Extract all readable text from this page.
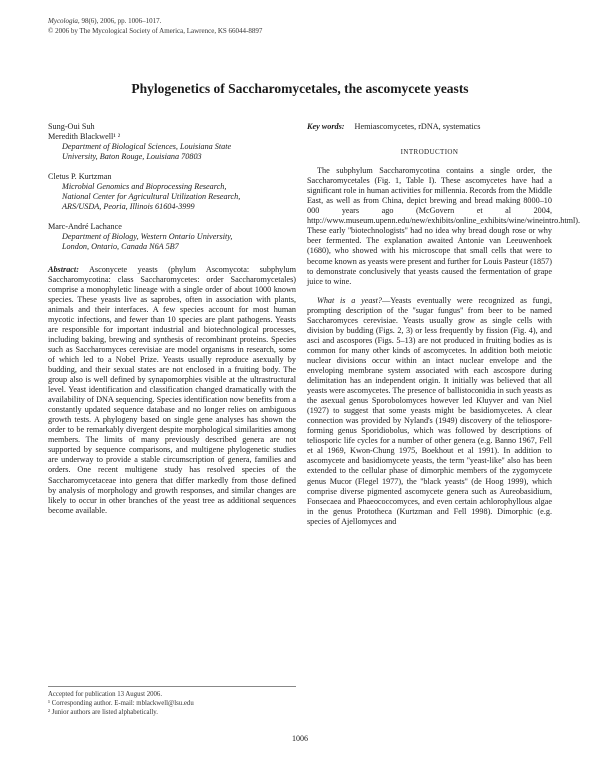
Mycologia, 98(6), 2006, pp. 1006–1017.
© 2006 by The Mycological Society of America, Lawrence, KS 66044-8897
Phylogenetics of Saccharomycetales, the ascomycete yeasts

Sung-Oui Suh

Meredith Blackwell¹ ²

Department of Biological Sciences, Louisiana State

University, Baton Rouge, Louisiana 70803

Cletus P. Kurtzman

Microbial Genomics and Bioprocessing Research,

National Center for Agricultural Utilization Research,

ARS/USDA, Peoria, Illinois 61604-3999

Marc-André Lachance

Department of Biology, Western Ontario University,

London, Ontario, Canada N6A 5B7

Abstract: Asconycete yeasts (phylum Ascomycota: subphylum Saccharomycotina: class Saccharomycetes: order Saccharomycetales) comprise a monophyletic lineage with a single order of about 1000 known species. These yeasts live as saprobes, often in association with plants, animals and their interfaces. A few species account for most human mycotic infections, and fewer than 10 species are plant pathogens. Yeasts are responsible for important industrial and biotechnological processes, including baking, brewing and synthesis of recombinant proteins. Species such as Saccharomyces cerevisiae are model organisms in research, some of which led to a Nobel Prize. Yeasts usually reproduce asexually by budding, and their sexual states are not enclosed in a fruiting body. The group also is well defined by synapomorphies visible at the ultrastructural level. Yeast identification and classification changed dramatically with the availability of DNA sequencing. Species identification now benefits from a constantly updated sequence database and no longer relies on ambiguous growth tests. A phylogeny based on single gene analyses has shown the order to be remarkably divergent despite morphological similarities among members. The limits of many previously described genera are not supported by sequence comparisons, and multigene phylogenetic studies are underway to provide a stable circumscription of genera, families and orders. One recent multigene study has resolved species of the Saccharomycetaceae into genera that differ markedly from those defined by analysis of morphology and growth responses, and similar changes are likely to occur in other branches of the yeast tree as additional sequences become available.
Accepted for publication 13 August 2006.
¹ Corresponding author. E-mail: mblackwell@lsu.edu
² Junior authors are listed alphabetically.
Key words: Hemiascomycetes, rDNA, systematics
INTRODUCTION

The subphylum Saccharomycotina contains a single order, the Saccharomycetales (Fig. 1, Table I). These ascomycetes have had a significant role in human activities for millennia. Records from the Middle East, as well as from China, depict brewing and bread making 8000–10 000 years ago (McGovern et al 2004, http://www.museum.upenn.edu/new/exhibits/online_exhibits/wine/wineintro.html). These early ''biotechnologists'' had no idea why bread dough rose or why beer fermented. The explanation awaited Antonie van Leeuwenhoek (1680), who showed with his microscope that small cells that were to become known as yeasts were present and further for Louis Pasteur (1857) to demonstrate conclusively that yeasts caused the fermentation of grape juice to wine.

What is a yeast?—Yeasts eventually were recognized as fungi, prompting description of the ''sugar fungus'' from beer to be named Saccharomyces cerevisiae. Yeasts usually grow as single cells with division by budding (Figs. 2, 3) or less frequently by fission (Fig. 4), and asci and ascospores (Figs. 5–13) are not produced in fruiting bodies as is common for many other kinds of ascomycetes. In addition both meiotic nuclear divisions occur within an intact nuclear envelope and the enveloping membrane system associated with each ascospore during delimitation has an independent origin. It initially was believed that all yeasts were ascomycetes. The presence of ballistoconidia in such yeasts as the asexual genus Sporobolomyces however led Kluyver and van Niel (1927) to suggest that some yeasts might be basidiomycetes. A clear connection was provided by Nyland's (1949) discovery of the teliospore-forming genus Sporidiobolus, which was followed by descriptions of teliosporic life cycles for a number of other genera (e.g. Banno 1967, Fell et al 1969, Kwon-Chung 1975, Boekhout et al 1991). In addition to ascomycete and basidiomycete yeasts, the term ''yeast-like'' also has been extended to the cellular phase of dimorphic members of the zygomycete genus Mucor (Flegel 1977), the ''black yeasts'' (de Hoog 1999), which comprise diverse pigmented ascomycete genera such as Aureobasidium, Fonsecaea and Phaeococcomyces, and even certain achlorophyllous algae in the genus Prototheca (Kurtzman and Fell 1998). Dimorphic (e.g. species of Ajellomyces and

1006
